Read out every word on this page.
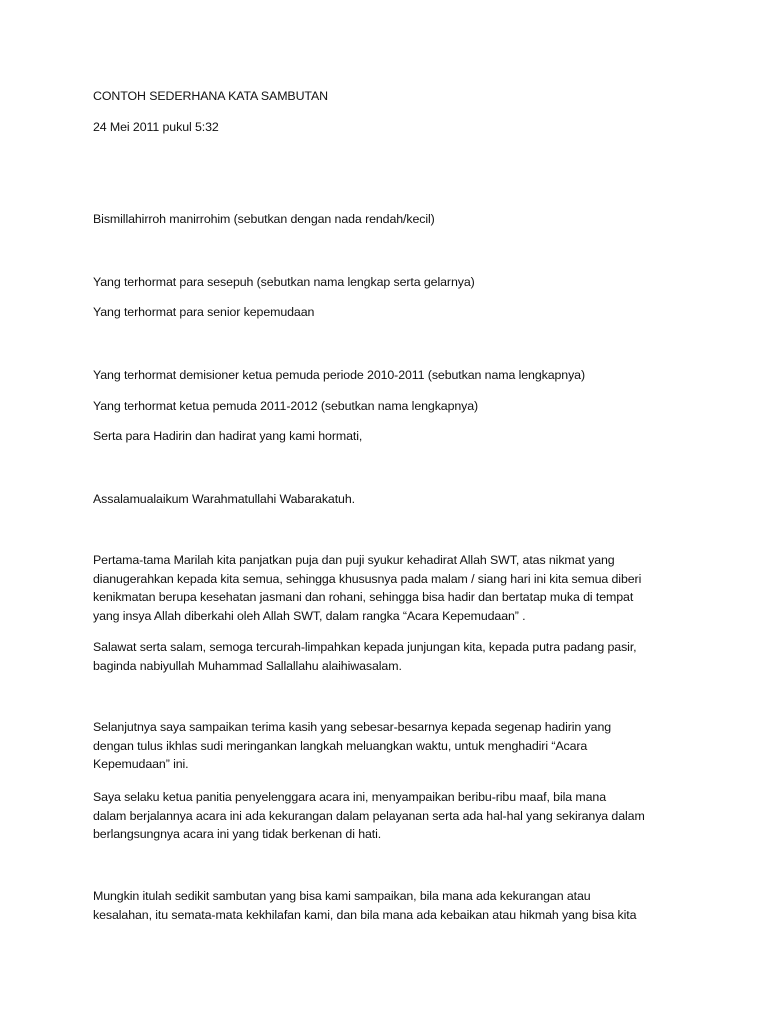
CONTOH SEDERHANA KATA SAMBUTAN
24 Mei 2011 pukul 5:32
Bismillahirroh manirrohim (sebutkan dengan nada rendah/kecil)
Yang terhormat para sesepuh (sebutkan nama lengkap serta gelarnya)
Yang terhormat para senior kepemudaan
Yang terhormat demisioner ketua pemuda periode 2010-2011 (sebutkan nama lengkapnya)
Yang terhormat ketua pemuda 2011-2012 (sebutkan nama lengkapnya)
Serta para Hadirin dan hadirat yang kami hormati,
Assalamualaikum Warahmatullahi Wabarakatuh.
Pertama-tama Marilah kita panjatkan puja dan puji syukur kehadirat Allah SWT, atas nikmat yang
dianugerahkan kepada kita semua, sehingga khususnya pada malam / siang hari ini kita semua diberi
kenikmatan berupa kesehatan jasmani dan rohani, sehingga bisa hadir dan bertatap muka di tempat
yang insya Allah diberkahi oleh Allah SWT, dalam rangka “Acara Kepemudaan” .
Salawat serta salam, semoga tercurah-limpahkan kepada junjungan kita, kepada putra padang pasir,
baginda nabiyullah Muhammad Sallallahu alaihiwasalam.
Selanjutnya saya sampaikan terima kasih yang sebesar-besarnya kepada segenap hadirin yang
dengan tulus ikhlas sudi meringankan langkah meluangkan waktu, untuk menghadiri “Acara
Kepemudaan” ini.
Saya selaku ketua panitia penyelenggara acara ini, menyampaikan beribu-ribu maaf, bila mana
dalam berjalannya acara ini ada kekurangan dalam pelayanan serta ada hal-hal yang sekiranya dalam
berlangsungnya acara ini yang tidak berkenan di hati.
Mungkin itulah sedikit sambutan yang bisa kami sampaikan, bila mana ada kekurangan atau
kesalahan, itu semata-mata kekhilafan kami, dan bila mana ada kebaikan atau hikmah yang bisa kita
